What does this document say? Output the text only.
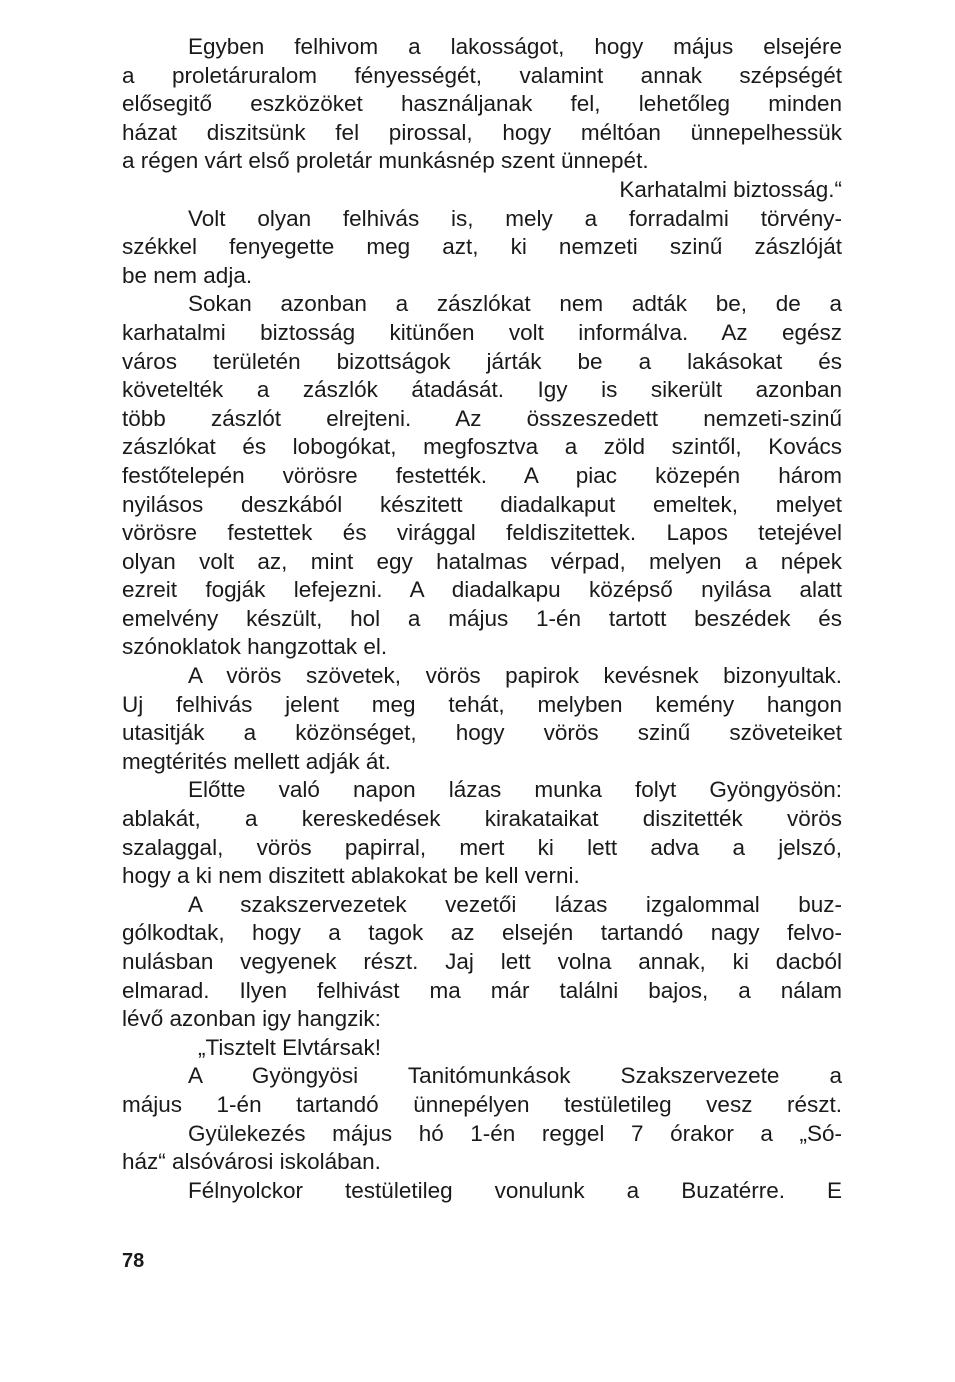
Egyben felhivom a lakosságot, hogy május elsejére
a proletáruralom fényességét, valamint annak szépségét
elősegitő eszközöket használjanak fel, lehetőleg minden
házat diszitsünk fel pirossal, hogy méltóan ünnepelhessük
a régen várt első proletár munkásnép szent ünnepét.
Karhatalmi biztosság.“
Volt olyan felhivás is, mely a forradalmi törvény-
székkel fenyegette meg azt, ki nemzeti szinű zászlóját
be nem adja.
Sokan azonban a zászlókat nem adták be, de a
karhatalmi biztosság kitünően volt informálva. Az egész
város területén bizottságok járták be a lakásokat és
követelték a zászlók átadását. Igy is sikerült azonban
több zászlót elrejteni. Az összeszedett nemzeti-szinű
zászlókat és lobogókat, megfosztva a zöld szintől, Kovács
festőtelepén vörösre festették. A piac közepén három
nyilásos deszkából készitett diadalkaput emeltek, melyet
vörösre festettek és virággal feldiszitettek. Lapos tetejével
olyan volt az, mint egy hatalmas vérpad, melyen a népek
ezreit fogják lefejezni. A diadalkapu középső nyilása alatt
emelvény készült, hol a május 1-én tartott beszédek és
szónoklatok hangzottak el.
A vörös szövetek, vörös papirok kevésnek bizonyultak.
Uj felhivás jelent meg tehát, melyben kemény hangon
utasitják a közönséget, hogy vörös szinű szöveteiket
megtérités mellett adják át.
Előtte való napon lázas munka folyt Gyöngyösön:
ablakát, a kereskedések kirakataikat diszitették vörös
szalaggal, vörös papirral, mert ki lett adva a jelszó,
hogy a ki nem diszitett ablakokat be kell verni.
A szakszervezetek vezetői lázas izgalommal buz-
gólkodtak, hogy a tagok az elsején tartandó nagy felvo-
nulásban vegyenek részt. Jaj lett volna annak, ki dacból
elmarad. Ilyen felhivást ma már találni bajos, a nálam
lévő azonban igy hangzik:
„Tisztelt Elvtársak!
A Gyöngyösi Tanitómunkások Szakszervezete a
május 1-én tartandó ünnepélyen testületileg vesz részt.
Gyülekezés május hó 1-én reggel 7 órakor a „Só-
ház“ alsóvárosi iskolában.
Félnyolckor testületileg vonulunk a Buzatérre. E
78
